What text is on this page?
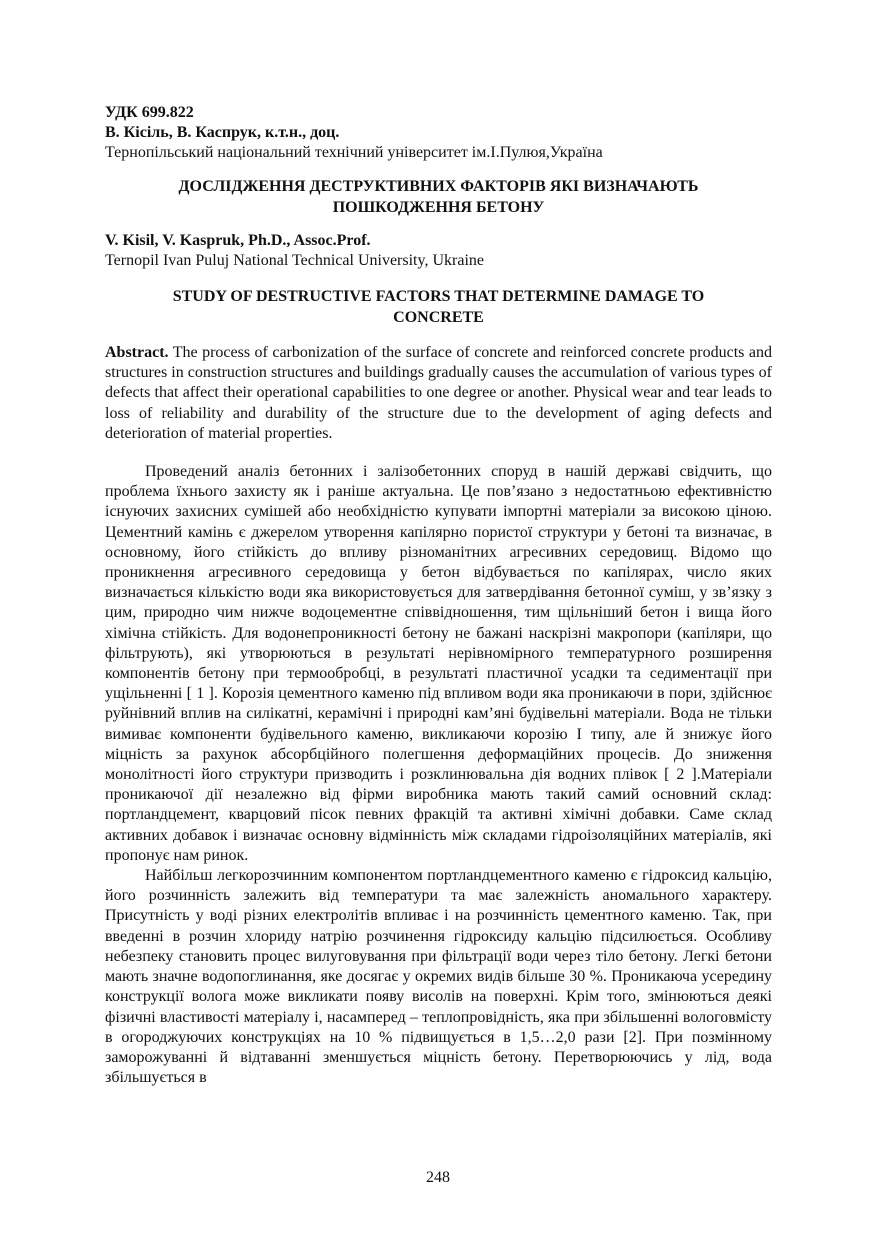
УДК 699.822

В. Кісіль, В. Каспрук, к.т.н., доц.

Тернопільський національний технічний університет ім.І.Пулюя,Україна

ДОСЛІДЖЕННЯ ДЕСТРУКТИВНИХ ФАКТОРІВ ЯКІ ВИЗНАЧАЮТЬ

ПОШКОДЖЕННЯ БЕТОНУ

V. Kisil, V. Kaspruk, Ph.D., Assoc.Prof.

Ternopil Ivan Puluj National Technical University, Ukraine

STUDY OF DESTRUCTIVE FACTORS THAT DETERMINE DAMAGE TO

CONCRETE

Abstract. The process of carbonization of the surface of concrete and reinforced concrete products and structures in construction structures and buildings gradually causes the accumulation of various types of defects that affect their operational capabilities to one degree or another. Physical wear and tear leads to loss of reliability and durability of the structure due to the development of aging defects and deterioration of material properties.

Проведений аналіз бетонних і залізобетонних споруд в нашій державі свідчить, що проблема їхнього захисту як і раніше актуальна. Це пов’язано з недостатньою ефективністю існуючих захисних сумішей або необхідністю купувати імпортні матеріали за високою ціною. Цементний камінь є джерелом утворення капілярно пористої структури у бетоні та визначає, в основному, його стійкість до впливу різноманітних агресивних середовищ. Відомо що проникнення агресивного середовища у бетон відбувається по капілярах, число яких визначається кількістю води яка використовується для затвердівання бетонної суміш, у зв’язку з цим, природно чим нижче водоцементне співвідношення, тим щільніший бетон і вища його хімічна стійкість. Для водонепроникності бетону не бажані наскрізні макропори (капіляри, що фільтрують), які утворюються в результаті нерівномірного температурного розширення компонентів бетону при термообробці, в результаті пластичної усадки та седиментації при ущільненні [ 1 ]. Корозія цементного каменю під впливом води яка проникаючи в пори, здійснює руйнівний вплив на силікатні, керамічні і природні кам’яні будівельні матеріали. Вода не тільки вимиває компоненти будівельного каменю, викликаючи корозію I типу, але й знижує його міцність за рахунок абсорбційного полегшення деформаційних процесів. До зниження монолітності його структури призводить і розклинювальна дія водних плівок [ 2 ].Матеріали проникаючої дії незалежно від фірми виробника мають такий самий основний склад: портландцемент, кварцовий пісок певних фракцій та активні хімічні добавки. Саме склад активних добавок і визначає основну відмінність між складами гідроізоляційних матеріалів, які пропонує нам ринок.

Найбільш легкорозчинним компонентом портландцементного каменю є гідроксид кальцію, його розчинність залежить від температури та має залежність аномального характеру. Присутність у воді різних електролітів впливає і на розчинність цементного каменю. Так, при введенні в розчин хлориду натрію розчинення гідроксиду кальцію підсилюється. Особливу небезпеку становить процес вилуговування при фільтрації води через тіло бетону. Легкі бетони мають значне водопоглинання, яке досягає у окремих видів більше 30 %. Проникаюча усередину конструкції волога може викликати появу висолів на поверхні. Крім того, змінюються деякі фізичні властивості матеріалу і, насамперед – теплопровідність, яка при збільшенні вологовмісту в огороджуючих конструкціях на 10 % підвищується в 1,5…2,0 рази [2]. При позмінному заморожуванні й відтаванні зменшується міцність бетону. Перетворюючись у лід, вода збільшується в

248
